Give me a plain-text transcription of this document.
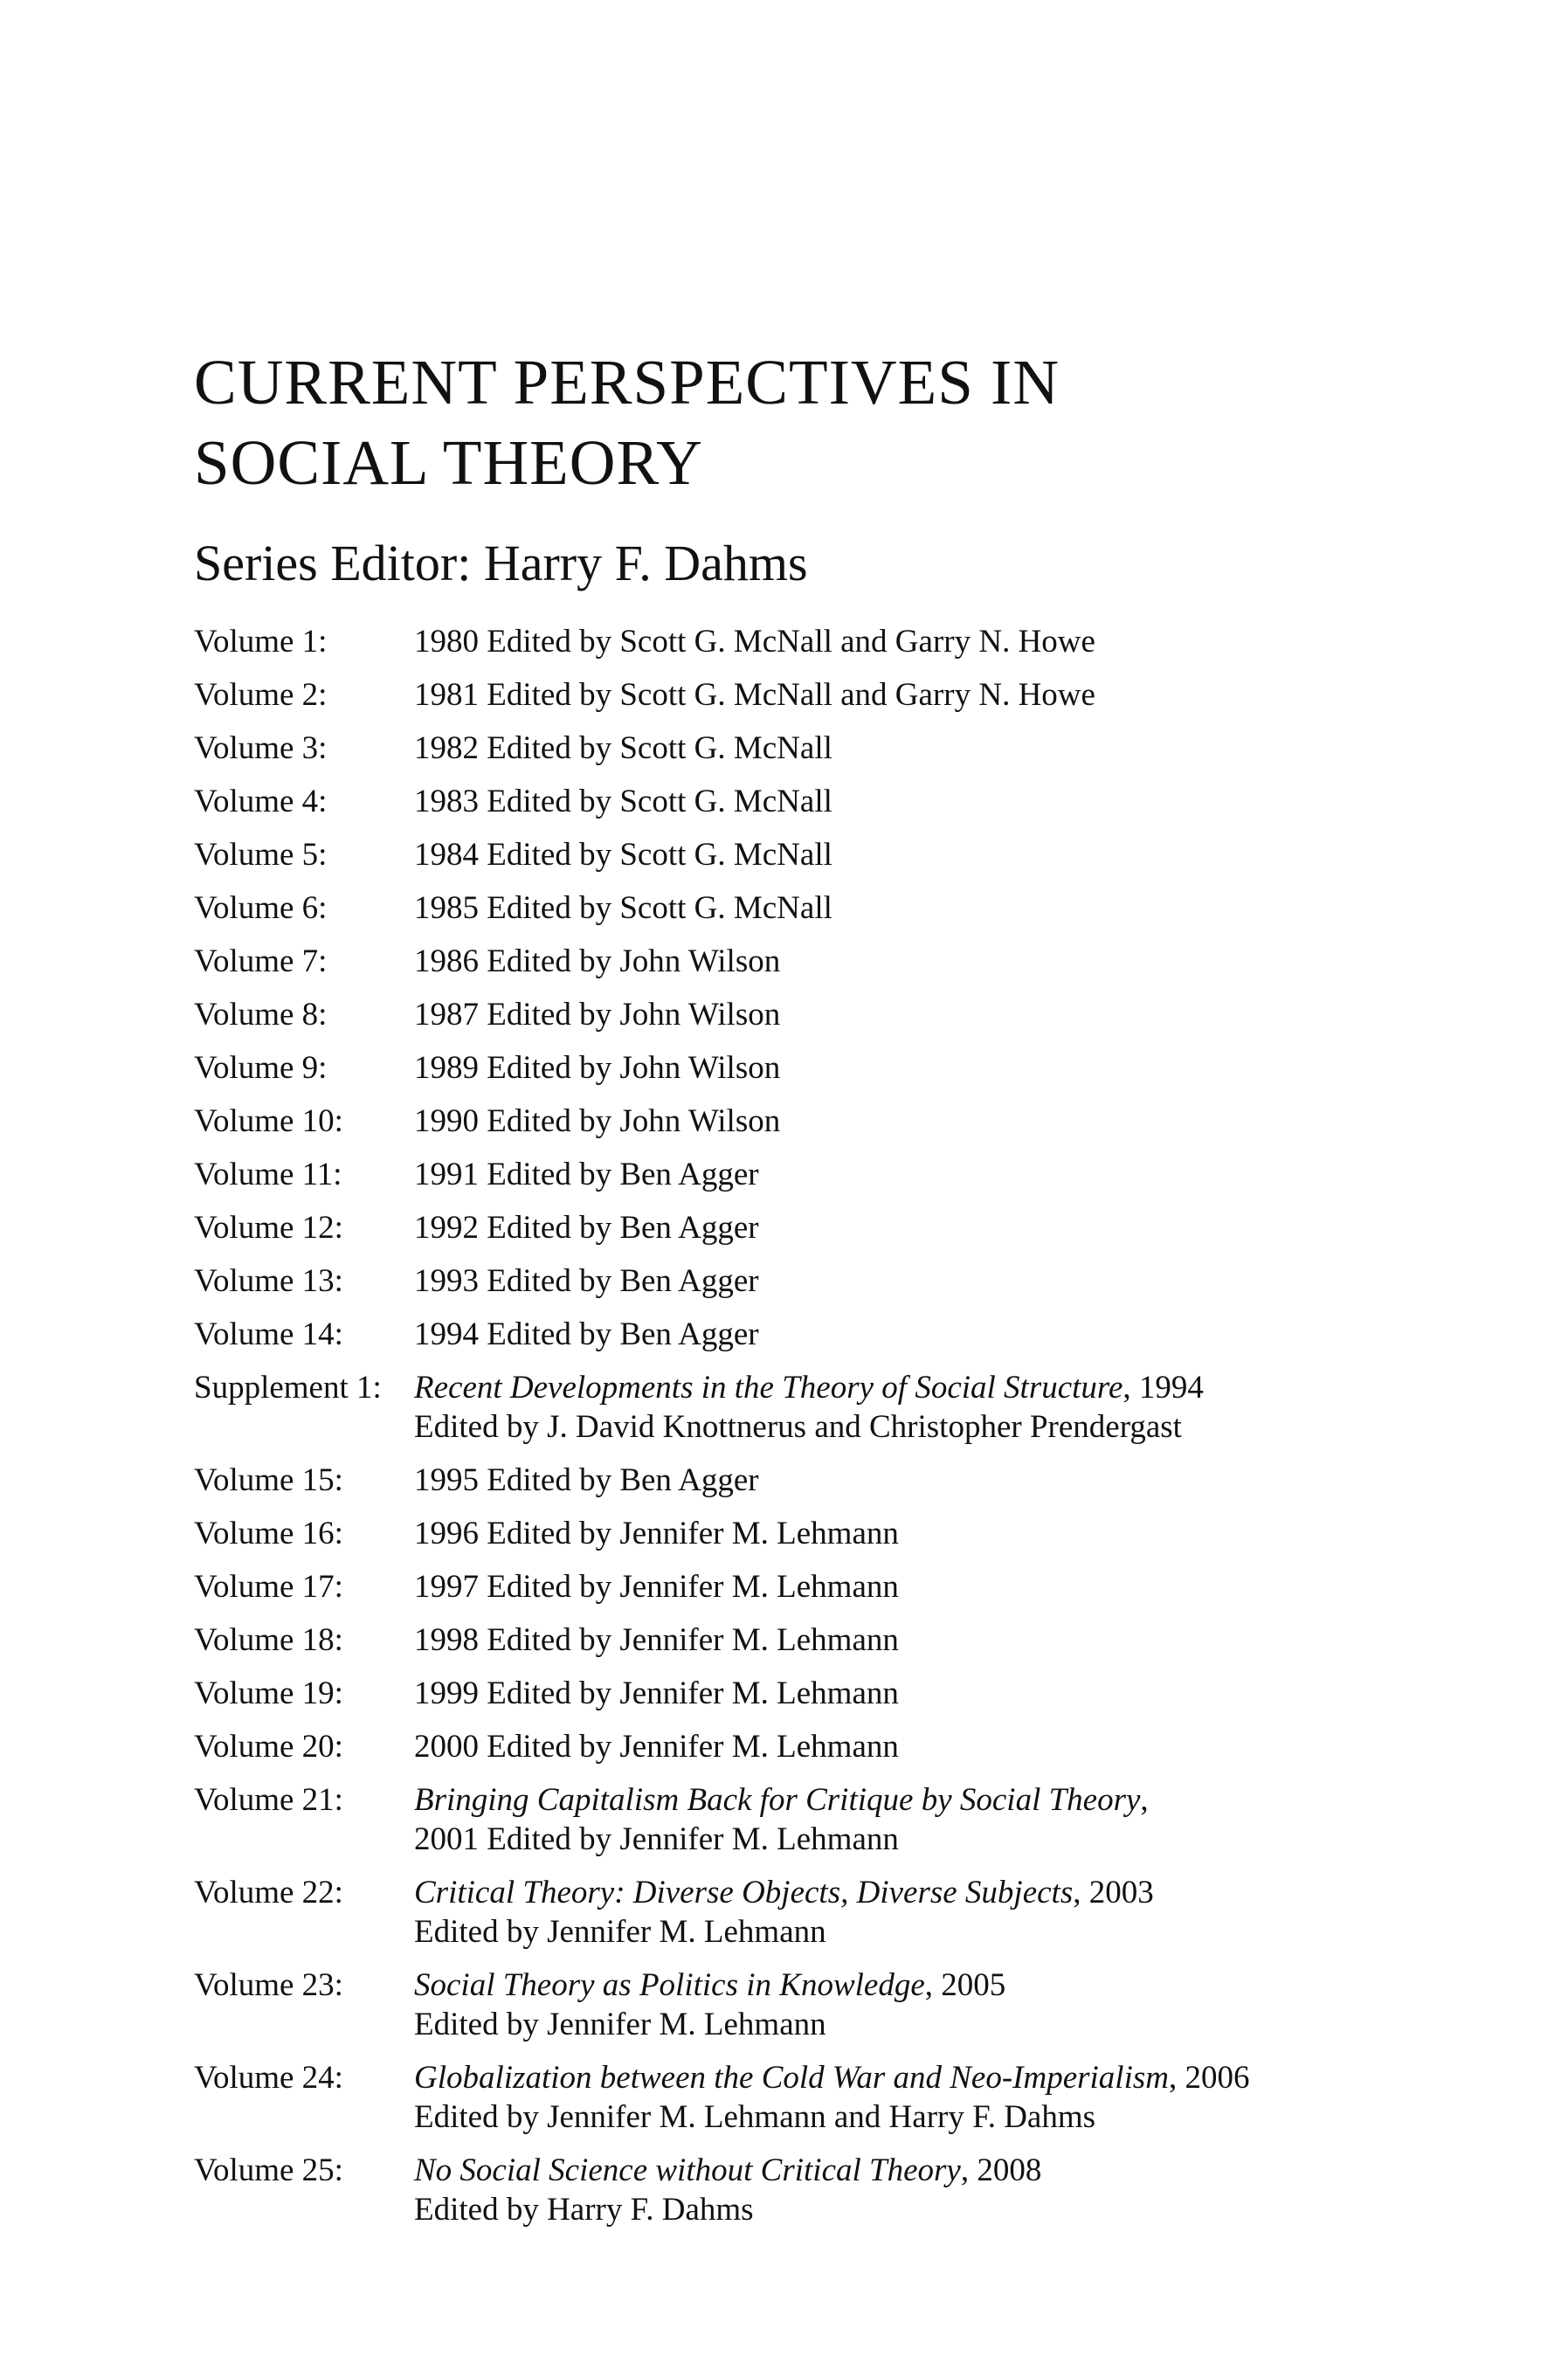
CURRENT PERSPECTIVES IN
SOCIAL THEORY
Series Editor: Harry F. Dahms
Volume 1:	1980 Edited by Scott G. McNall and Garry N. Howe
Volume 2:	1981 Edited by Scott G. McNall and Garry N. Howe
Volume 3:	1982 Edited by Scott G. McNall
Volume 4:	1983 Edited by Scott G. McNall
Volume 5:	1984 Edited by Scott G. McNall
Volume 6:	1985 Edited by Scott G. McNall
Volume 7:	1986 Edited by John Wilson
Volume 8:	1987 Edited by John Wilson
Volume 9:	1989 Edited by John Wilson
Volume 10:	1990 Edited by John Wilson
Volume 11:	1991 Edited by Ben Agger
Volume 12:	1992 Edited by Ben Agger
Volume 13:	1993 Edited by Ben Agger
Volume 14:	1994 Edited by Ben Agger
Supplement 1:	Recent Developments in the Theory of Social Structure, 1994
Edited by J. David Knottnerus and Christopher Prendergast
Volume 15:	1995 Edited by Ben Agger
Volume 16:	1996 Edited by Jennifer M. Lehmann
Volume 17:	1997 Edited by Jennifer M. Lehmann
Volume 18:	1998 Edited by Jennifer M. Lehmann
Volume 19:	1999 Edited by Jennifer M. Lehmann
Volume 20:	2000 Edited by Jennifer M. Lehmann
Volume 21:	Bringing Capitalism Back for Critique by Social Theory,
2001 Edited by Jennifer M. Lehmann
Volume 22:	Critical Theory: Diverse Objects, Diverse Subjects, 2003
Edited by Jennifer M. Lehmann
Volume 23:	Social Theory as Politics in Knowledge, 2005
Edited by Jennifer M. Lehmann
Volume 24:	Globalization between the Cold War and Neo-Imperialism, 2006
Edited by Jennifer M. Lehmann and Harry F. Dahms
Volume 25:	No Social Science without Critical Theory, 2008
Edited by Harry F. Dahms
